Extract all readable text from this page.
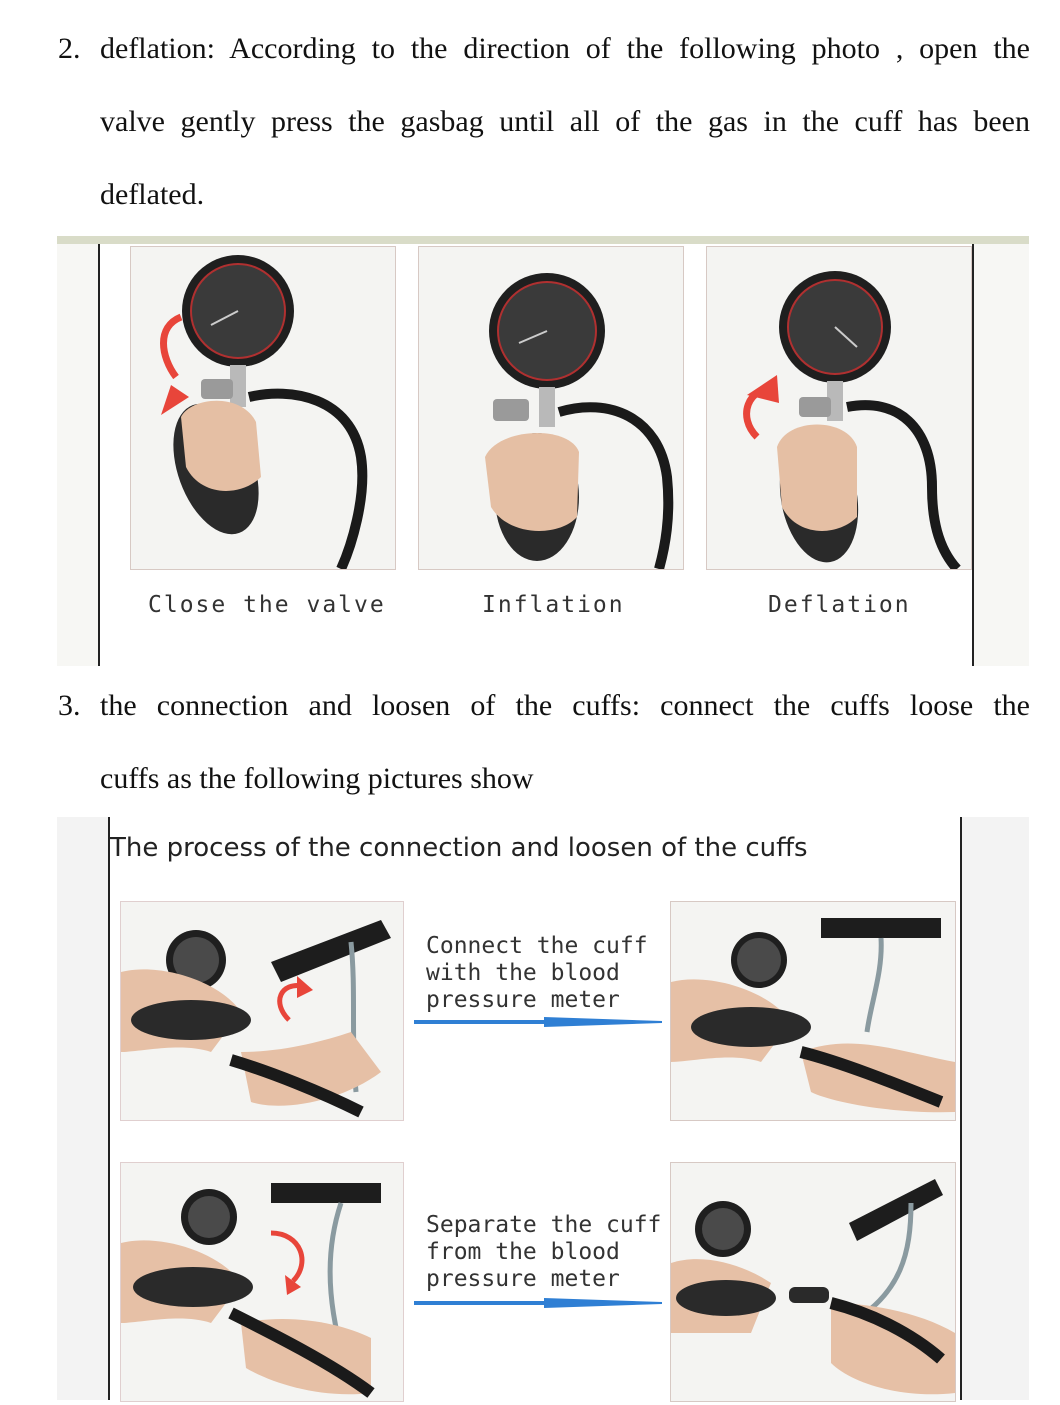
2. deflation: According to the direction of the following photo , open the
valve gently press the gasbag until all of the gas in the cuff has been
deflated.
Close the valve	Inflation	Deflation
3. the connection and loosen of the cuffs: connect the cuffs loose the
cuffs as the following pictures show
The process of the connection and loosen of the cuffs
Connect the cuff
with the blood
pressure meter
Separate the cuff
from the blood
pressure meter
